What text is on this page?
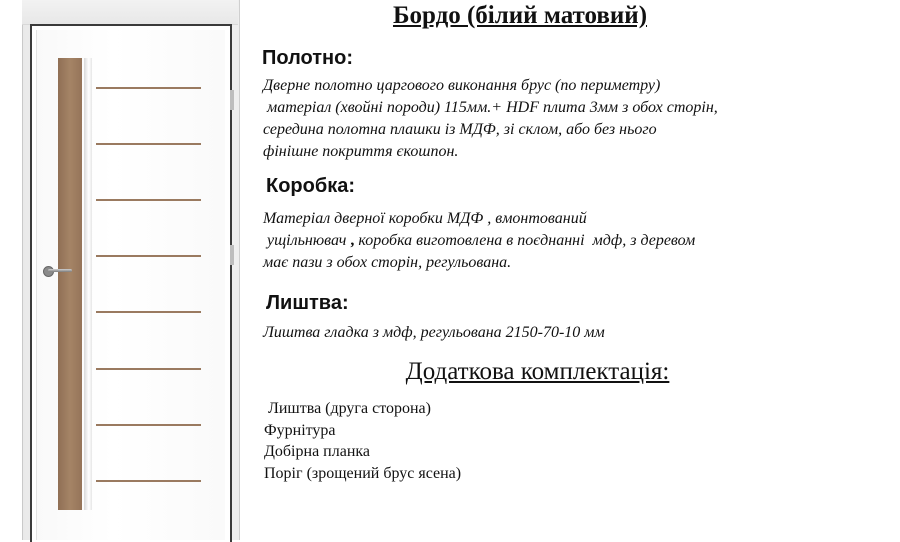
Бордо (білий матовий)
Полотно:

Дверне полотно царгового виконання брус (по периметру)
матеріал (хвойні породи) 115мм.+ HDF плита 3мм з обох сторін,
середина полотна плашки із МДФ, зі склом, або без нього
фінішне покриття єкошпон.

Коробка:

Матеріал дверної коробки МДФ , вмонтований
ущільнювач , коробка виготовлена в поєднанні  мдф, з деревом
має пази з обох сторін, регульована.

Лиштва:

Лиштва гладка з мдф, регульована 2150-70-10 мм

Додаткова комплектація:
Лиштва (друга сторона)
Фурнітура
Добірна планка
Поріг (зрощений брус ясена)
